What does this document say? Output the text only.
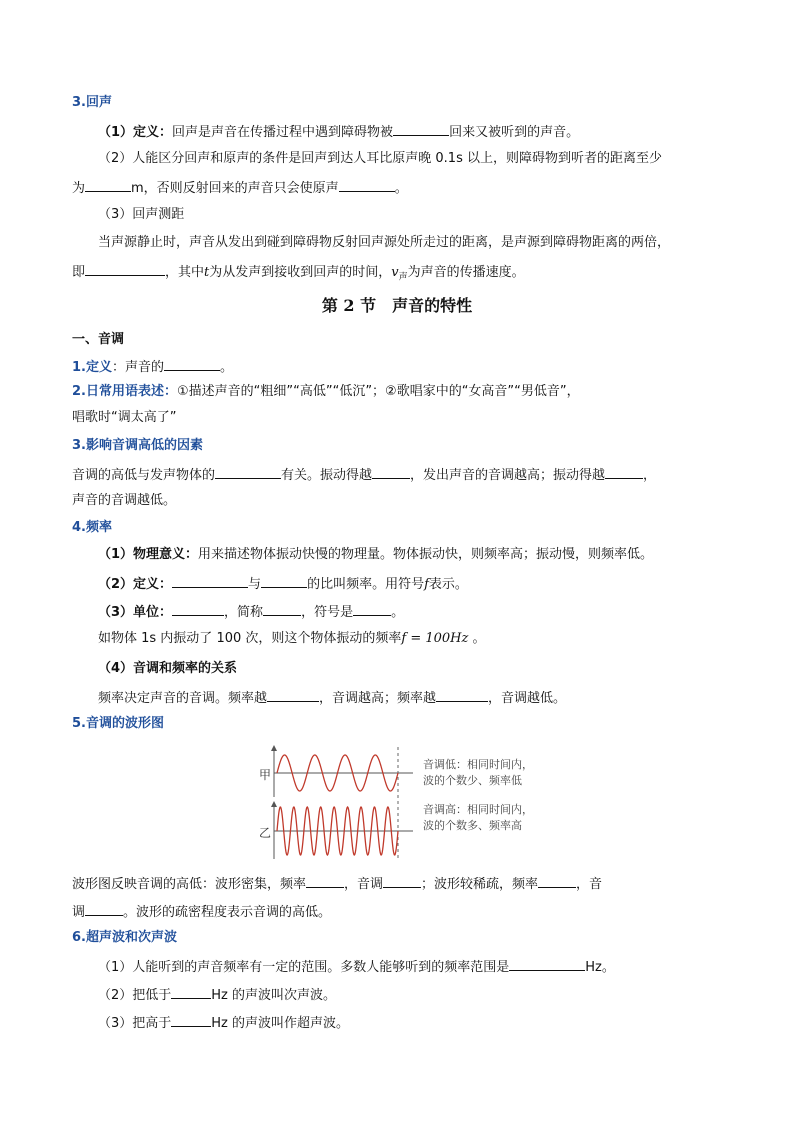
3.回声
（1）定义：回声是声音在传播过程中遇到障碍物被	回来又被听到的声音。
（2）人能区分回声和原声的条件是回声到达人耳比原声晚 0.1s 以上，则障碍物到听者的距离至少
为	m，否则反射回来的声音只会使原声	。
（3）回声测距
当声源静止时，声音从发出到碰到障碍物反射回声源处所走过的距离，是声源到障碍物距离的两倍，
即	，其中t为从发声到接收到回声的时间，$v_声$为声音的传播速度。
第 2 节　声音的特性
一、音调
1.定义：声音的	。
2.日常用语表述：①描述声音的“粗细”“高低”“低沉”；②歌唱家中的“女高音”“男低音”，
唱歌时“调太高了”
3.影响音调高低的因素
音调的高低与发声物体的	有关。振动得越	，发出声音的音调越高；振动得越	，
声音的音调越低。
4.频率
（1）物理意义：用来描述物体振动快慢的物理量。物体振动快，则频率高；振动慢，则频率低。
（2）定义：	与	的比叫频率。用符号f表示。
（3）单位：	，简称	，符号是	。
如物体 1s 内振动了 100 次，则这个物体振动的频率f = 100Hz 。
（4）音调和频率的关系
频率决定声音的音调。频率越	，音调越高；频率越	，音调越低。
5.音调的波形图
甲
乙
音调低：相同时间内，
波的个数少、频率低
音调高：相同时间内，
波的个数多、频率高
波形图反映音调的高低：波形密集，频率	，音调	；波形较稀疏，频率	，音
调	。波形的疏密程度表示音调的高低。
6.超声波和次声波
（1）人能听到的声音频率有一定的范围。多数人能够听到的频率范围是	Hz。
（2）把低于	Hz 的声波叫次声波。
（3）把高于	Hz 的声波叫作超声波。
